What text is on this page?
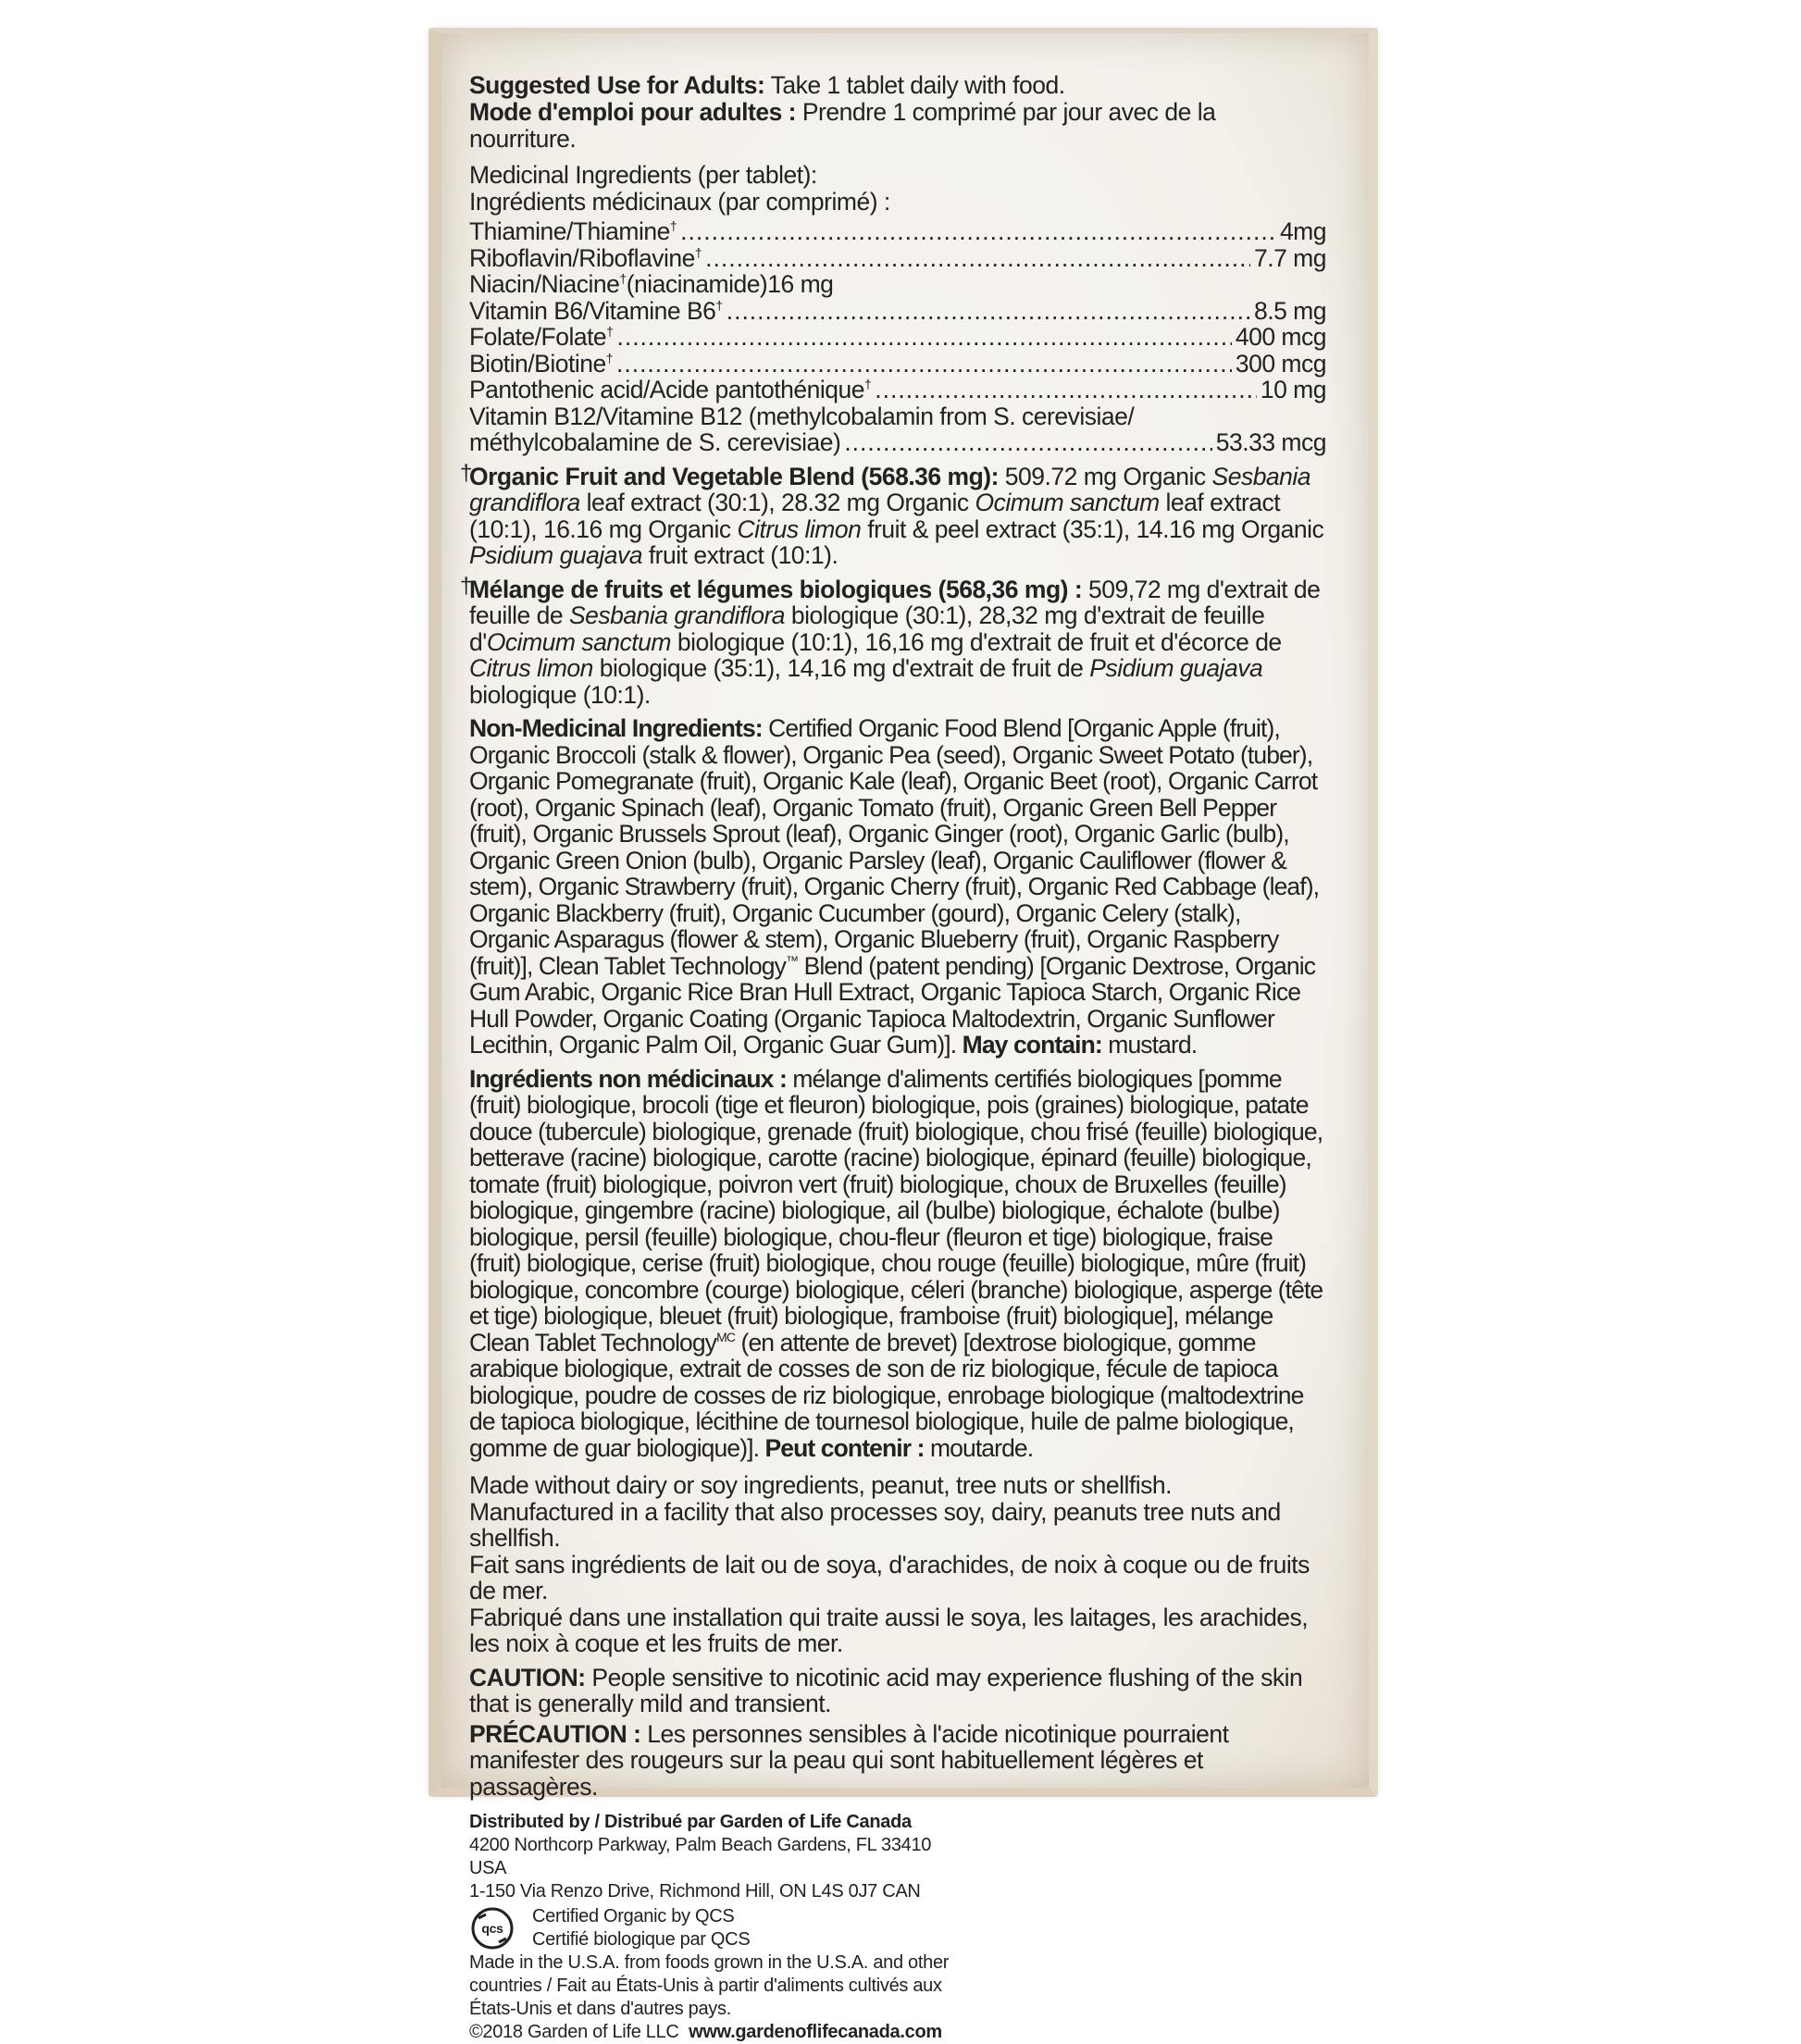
Suggested Use for Adults: Take 1 tablet daily with food.
Mode d'emploi pour adultes : Prendre 1 comprimé par jour avec de la nourriture.
Medicinal Ingredients (per tablet):
Ingrédients médicinaux (par comprimé) :
Thiamine/Thiamine† .....	4mg
Riboflavin/Riboflavine† .....	7.7 mg
Niacin/Niacine†(niacinamide)16 mg
Vitamin B6/Vitamine B6† .....	8.5 mg
Folate/Folate† .....	400 mcg
Biotin/Biotine† .....	300 mcg
Pantothenic acid/Acide pantothénique† .....	10 mg
Vitamin B12/Vitamine B12 (methylcobalamin from S. cerevisiae/
méthylcobalamine de S. cerevisiae) .....	53.33 mcg
†
Organic Fruit and Vegetable Blend (568.36 mg): 509.72 mg Organic Sesbania grandiflora leaf extract (30:1), 28.32 mg Organic Ocimum sanctum leaf extract (10:1), 16.16 mg Organic Citrus limon fruit & peel extract (35:1), 14.16 mg Organic Psidium guajava fruit extract (10:1).
†
Mélange de fruits et légumes biologiques (568,36 mg) : 509,72 mg d'extrait de feuille de Sesbania grandiflora biologique (30:1), 28,32 mg d'extrait de feuille d'Ocimum sanctum biologique (10:1), 16,16 mg d'extrait de fruit et d'écorce de Citrus limon biologique (35:1), 14,16 mg d'extrait de fruit de Psidium guajava biologique (10:1).
Non-Medicinal Ingredients: Certified Organic Food Blend [Organic Apple (fruit), Organic Broccoli (stalk & flower), Organic Pea (seed), Organic Sweet Potato (tuber), Organic Pomegranate (fruit), Organic Kale (leaf), Organic Beet (root), Organic Carrot (root), Organic Spinach (leaf), Organic Tomato (fruit), Organic Green Bell Pepper (fruit), Organic Brussels Sprout (leaf), Organic Ginger (root), Organic Garlic (bulb), Organic Green Onion (bulb), Organic Parsley (leaf), Organic Cauliflower (flower & stem), Organic Strawberry (fruit), Organic Cherry (fruit), Organic Red Cabbage (leaf), Organic Blackberry (fruit), Organic Cucumber (gourd), Organic Celery (stalk), Organic Asparagus (flower & stem), Organic Blueberry (fruit), Organic Raspberry (fruit)], Clean Tablet Technology™ Blend (patent pending) [Organic Dextrose, Organic Gum Arabic, Organic Rice Bran Hull Extract, Organic Tapioca Starch, Organic Rice Hull Powder, Organic Coating (Organic Tapioca Maltodextrin, Organic Sunflower Lecithin, Organic Palm Oil, Organic Guar Gum)]. May contain: mustard.
Ingrédients non médicinaux : mélange d'aliments certifiés biologiques [pomme (fruit) biologique, brocoli (tige et fleuron) biologique, pois (graines) biologique, patate douce (tubercule) biologique, grenade (fruit) biologique, chou frisé (feuille) biologique, betterave (racine) biologique, carotte (racine) biologique, épinard (feuille) biologique, tomate (fruit) biologique, poivron vert (fruit) biologique, choux de Bruxelles (feuille) biologique, gingembre (racine) biologique, ail (bulbe) biologique, échalote (bulbe) biologique, persil (feuille) biologique, chou-fleur (fleuron et tige) biologique, fraise (fruit) biologique, cerise (fruit) biologique, chou rouge (feuille) biologique, mûre (fruit) biologique, concombre (courge) biologique, céleri (branche) biologique, asperge (tête et tige) biologique, bleuet (fruit) biologique, framboise (fruit) biologique], mélange Clean Tablet Technology$^{MC}$ (en attente de brevet) [dextrose biologique, gomme arabique biologique, extrait de cosses de son de riz biologique, fécule de tapioca biologique, poudre de cosses de riz biologique, enrobage biologique (maltodextrine de tapioca biologique, lécithine de tournesol biologique, huile de palme biologique, gomme de guar biologique)]. Peut contenir : moutarde.
Made without dairy or soy ingredients, peanut, tree nuts or shellfish.
Manufactured in a facility that also processes soy, dairy, peanuts tree nuts and shellfish.
Fait sans ingrédients de lait ou de soya, d'arachides, de noix à coque ou de fruits de mer.
Fabriqué dans une installation qui traite aussi le soya, les laitages, les arachides, les noix à coque et les fruits de mer.
CAUTION: People sensitive to nicotinic acid may experience flushing of the skin that is generally mild and transient.
PRÉCAUTION : Les personnes sensibles à l'acide nicotinique pourraient manifester des rougeurs sur la peau qui sont habituellement légères et passagères.
Distributed by / Distribué par Garden of Life Canada
4200 Northcorp Parkway, Palm Beach Gardens, FL 33410 USA
1-150 Via Renzo Drive, Richmond Hill, ON L4S 0J7 CAN
qcs
Certified Organic by QCS
Certifié biologique par QCS
Made in the U.S.A. from foods grown in the U.S.A. and other countries / Fait au États-Unis à partir d'aliments cultivés aux États-Unis et dans d'autres pays.
©2018 Garden of Life LLC www.gardenoflifecanada.com
